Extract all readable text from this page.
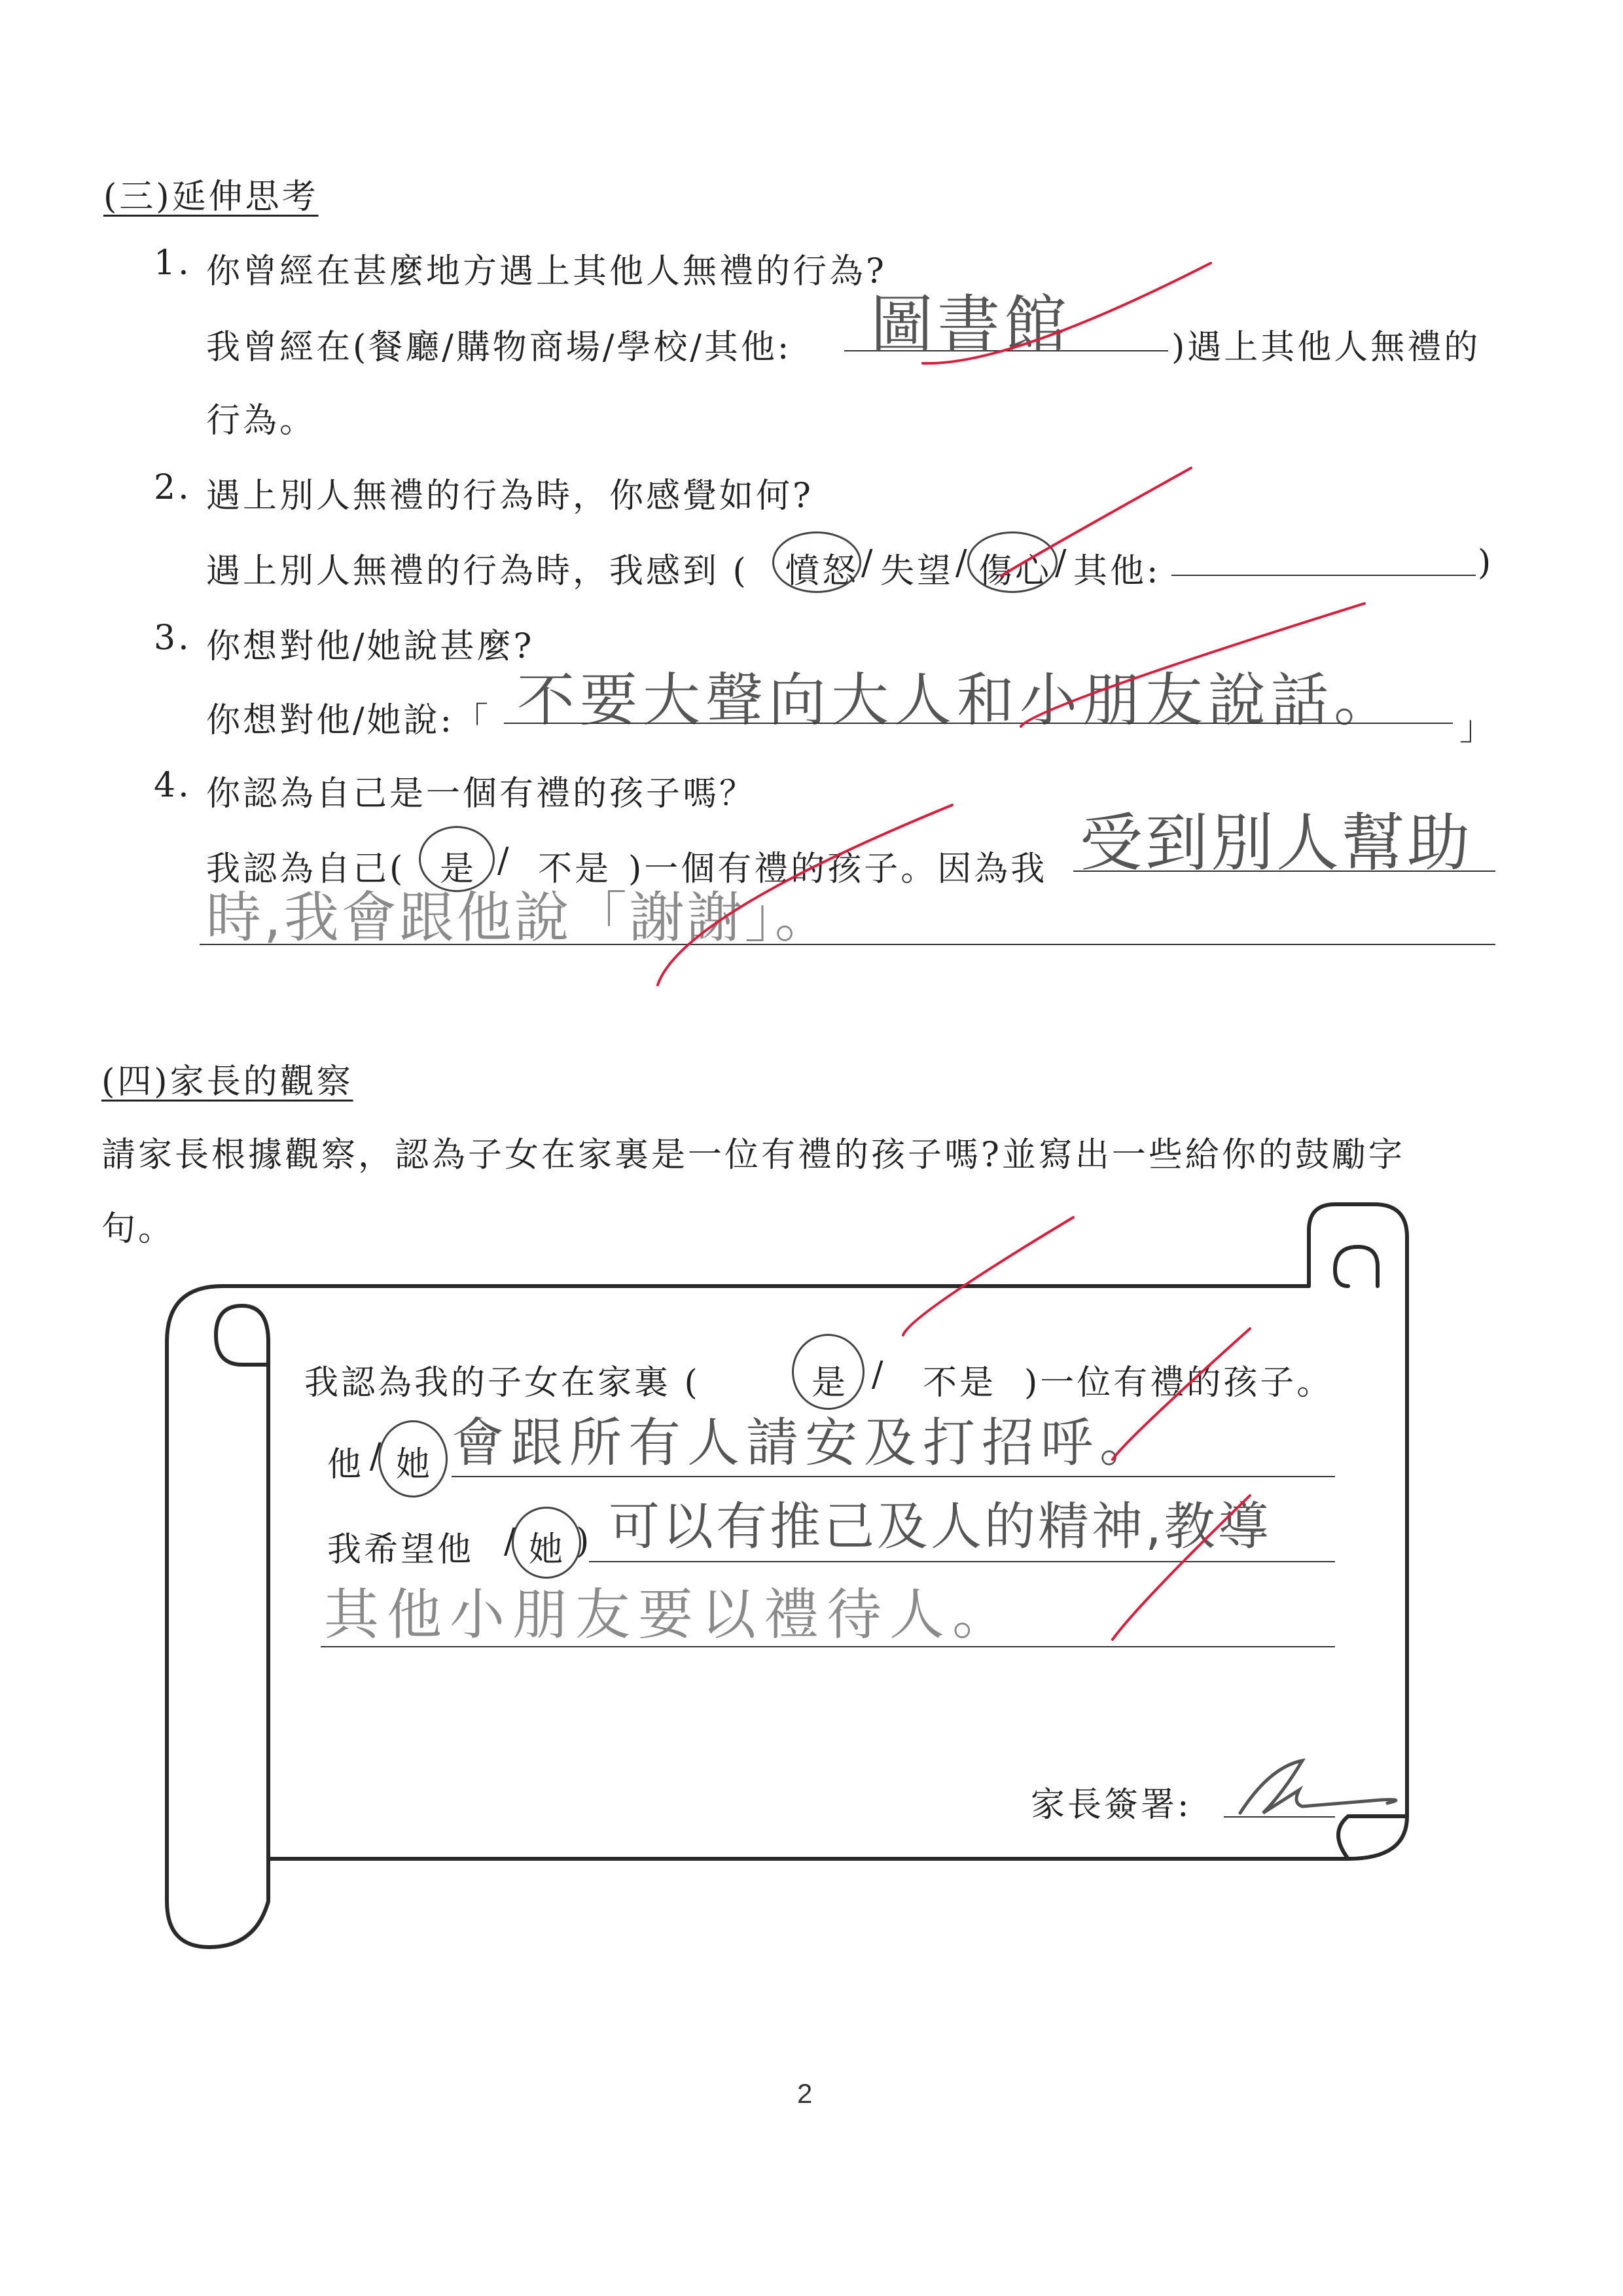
(三)延伸思考
1. 你曾經在甚麼地方遇上其他人無禮的行為?
我曾經在(餐廳/購物商場/學校/其他: 圖書館	)遇上其他人無禮的
行為。
2. 遇上別人無禮的行為時，你感覺如何?
遇上別人無禮的行為時，我感到 ( 憤怒 / 失望 / 傷心 / 其他:	)
3. 你想對他/她說甚麼?
你想對他/她說:「 不要大聲向大人和小朋友說話。 」
4. 你認為自己是一個有禮的孩子嗎？
我認為自己( 是 / 不是 )一個有禮的孩子。因為我 受到別人幫助
時,我會跟他說「謝謝」。
(四)家長的觀察
請家長根據觀察，認為子女在家裏是一位有禮的孩子嗎?並寫出一些給你的鼓勵字
句。
我認為我的子女在家裏 (	是 / 不是 )一位有禮的孩子。
他 / 她 會跟所有人請安及打招呼。
我希望他 / 她 ) 可以有推己及人的精神,教導
其他小朋友要以禮待人。
家長簽署:
2
